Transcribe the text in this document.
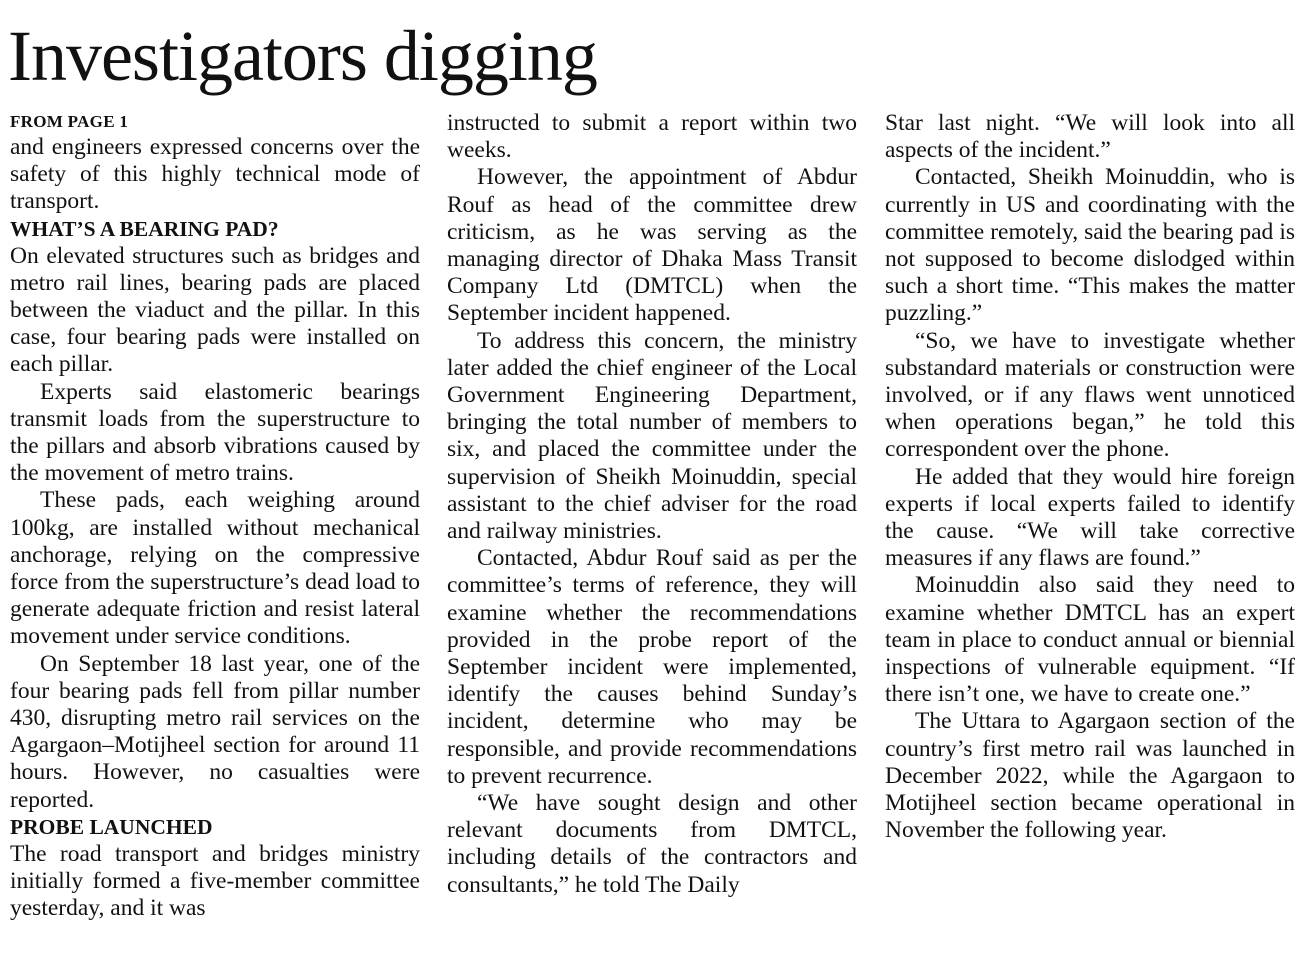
Investigators digging
FROM PAGE 1

and engineers expressed concerns over the safety of this highly technical mode of transport.

WHAT’S A BEARING PAD?

On elevated structures such as bridges and metro rail lines, bearing pads are placed between the viaduct and the pillar. In this case, four bearing pads were installed on each pillar.

Experts said elastomeric bearings transmit loads from the superstructure to the pillars and absorb vibrations caused by the movement of metro trains.

These pads, each weighing around 100kg, are installed without mechanical anchorage, relying on the compressive force from the superstructure’s dead load to generate adequate friction and resist lateral movement under service conditions.

On September 18 last year, one of the four bearing pads fell from pillar number 430, disrupting metro rail services on the Agargaon–Motijheel section for around 11 hours. However, no casualties were reported.

PROBE LAUNCHED

The road transport and bridges ministry initially formed a five-member committee yesterday, and it was

instructed to submit a report within two weeks.

However, the appointment of Abdur Rouf as head of the committee drew criticism, as he was serving as the managing director of Dhaka Mass Transit Company Ltd (DMTCL) when the September incident happened.

To address this concern, the ministry later added the chief engineer of the Local Government Engineering Department, bringing the total number of members to six, and placed the committee under the supervision of Sheikh Moinuddin, special assistant to the chief adviser for the road and railway ministries.

Contacted, Abdur Rouf said as per the committee’s terms of reference, they will examine whether the recommendations provided in the probe report of the September incident were implemented, identify the causes behind Sunday’s incident, determine who may be responsible, and provide recommendations to prevent recurrence.

“We have sought design and other relevant documents from DMTCL, including details of the contractors and consultants,” he told The Daily

Star last night. “We will look into all aspects of the incident.”

Contacted, Sheikh Moinuddin, who is currently in US and coordinating with the committee remotely, said the bearing pad is not supposed to become dislodged within such a short time. “This makes the matter puzzling.”

“So, we have to investigate whether substandard materials or construction were involved, or if any flaws went unnoticed when operations began,” he told this correspondent over the phone.

He added that they would hire foreign experts if local experts failed to identify the cause. “We will take corrective measures if any flaws are found.”

Moinuddin also said they need to examine whether DMTCL has an expert team in place to conduct annual or biennial inspections of vulnerable equipment. “If there isn’t one, we have to create one.”

The Uttara to Agargaon section of the country’s first metro rail was launched in December 2022, while the Agargaon to Motijheel section became operational in November the following year.
